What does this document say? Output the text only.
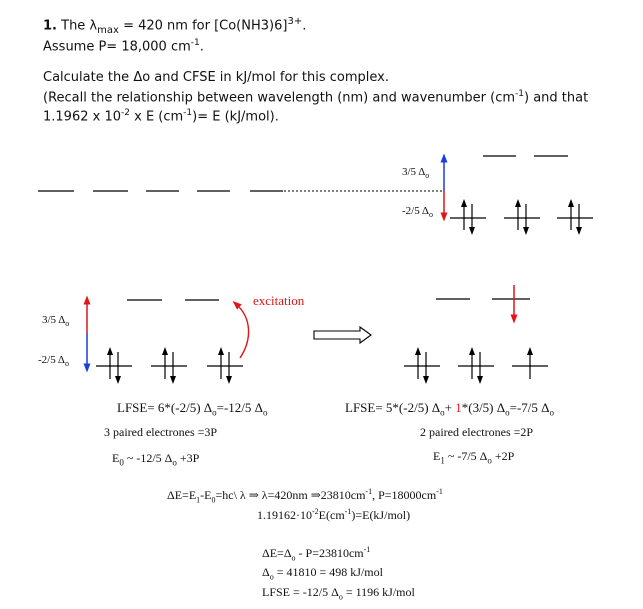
1. The $\lambda_{max} = 420$ nm for $[Co(NH3)6]^{3+}$.
Assume P= 18,000 $cm^{-1}$.
Calculate the Δo and CFSE in kJ/mol for this complex.
(Recall the relationship between wavelength (nm) and wavenumber $(cm^{-1})$ and that
1.1962 x $10^{-2}$ x E $(cm^{-1})= E$ (kJ/mol).
3/5 $\Delta_o$
-2/5 $\Delta_o$
3/5 $\Delta_o$
-2/5 $\Delta_o$
excitation
LFSE= 6*(-2/5) $\Delta_o=-12/5$ $\Delta_o$
3 paired electrones =3P
$E_0$ ~ -12/5 $\Delta_o +3P$
LFSE= 5*(-2/5) $\Delta_o+ 1*(3/5)$ $\Delta_o=-7/5$ $\Delta_o$
2 paired electrones =2P
$E_1$ ~ -7/5 $\Delta_o +2P$
$\Delta E=E_1-E_0=hc\backslash$ λ ⇒ λ=420nm $\Rightarrow 23810cm^{-1}$, $P=18000cm^{-1}$
$1.19162\cdot 10^{-2}E(cm^{-1})=E(kJ/mol)$
$\Delta E=\Delta_o - P=23810cm^{-1}$
$\Delta_o = 41810 = 498$ kJ/mol
LFSE = -12/5 $\Delta_o = 1196$ kJ/mol
